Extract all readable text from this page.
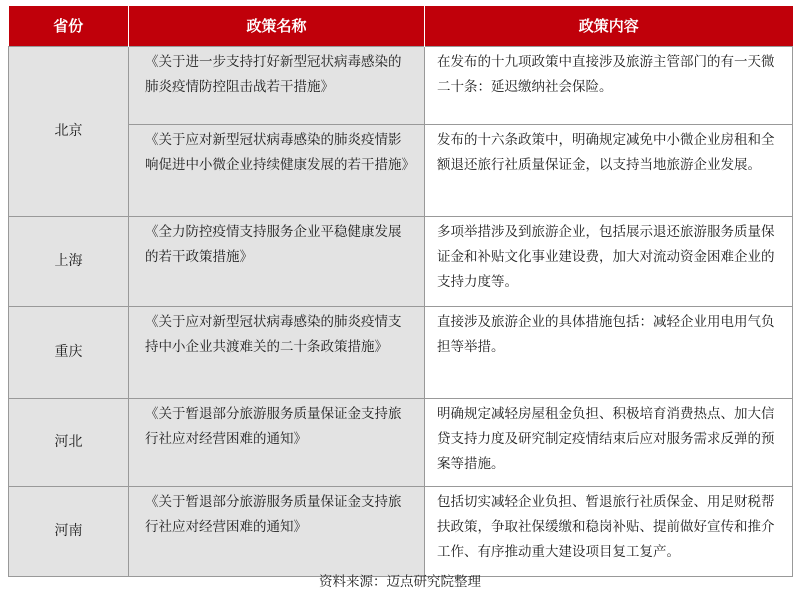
省份	政策名称	政策内容
北京	《关于进一步支持打好新型冠状病毒感染的肺炎疫情防控阻击战若干措施》	在发布的十九项政策中直接涉及旅游主管部门的有一天微二十条：延迟缴纳社会保险。
	《关于应对新型冠状病毒感染的肺炎疫情影响促进中小微企业持续健康发展的若干措施》	发布的十六条政策中，明确规定减免中小微企业房租和全额退还旅行社质量保证金，以支持当地旅游企业发展。
上海	《全力防控疫情支持服务企业平稳健康发展的若干政策措施》	多项举措涉及到旅游企业，包括展示退还旅游服务质量保证金和补贴文化事业建设费，加大对流动资金困难企业的支持力度等。
重庆	《关于应对新型冠状病毒感染的肺炎疫情支持中小企业共渡难关的二十条政策措施》	直接涉及旅游企业的具体措施包括：减轻企业用电用气负担等举措。
河北	《关于暂退部分旅游服务质量保证金支持旅行社应对经营困难的通知》	明确规定减轻房屋租金负担、积极培育消费热点、加大信贷支持力度及研究制定疫情结束后应对服务需求反弹的预案等措施。
河南	《关于暂退部分旅游服务质量保证金支持旅行社应对经营困难的通知》	包括切实减轻企业负担、暂退旅行社质保金、用足财税帮扶政策，争取社保缓缴和稳岗补贴、提前做好宣传和推介工作、有序推动重大建设项目复工复产。
资料来源：迈点研究院整理
